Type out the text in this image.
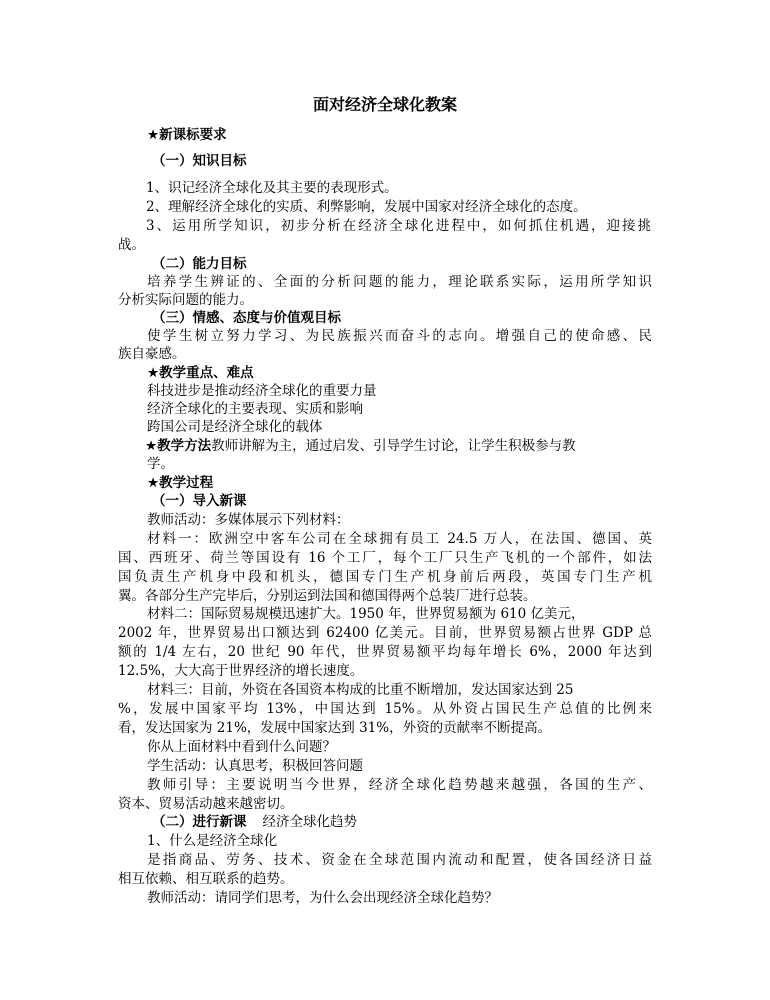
面对经济全球化教案
★新课标要求
（一）知识目标
1、识记经济全球化及其主要的表现形式。
2、理解经济全球化的实质、利弊影响，发展中国家对经济全球化的态度。
3、运用所学知识，初步分析在经济全球化进程中，如何抓住机遇，迎接挑
战。
（二）能力目标
培养学生辨证的、全面的分析问题的能力，理论联系实际，运用所学知识
分析实际问题的能力。
（三）情感、态度与价值观目标
使学生树立努力学习、为民族振兴而奋斗的志向。增强自己的使命感、民
族自豪感。
★教学重点、难点
科技进步是推动经济全球化的重要力量
经济全球化的主要表现、实质和影响
跨国公司是经济全球化的载体
★教学方法教师讲解为主，通过启发、引导学生讨论，让学生积极参与教
学。
★教学过程
（一）导入新课
教师活动：多媒体展示下列材料：
材料一：欧洲空中客车公司在全球拥有员工 24.5 万人，在法国、德国、英
国、西班牙、荷兰等国设有 16 个工厂，每个工厂只生产飞机的一个部件，如法
国负责生产机身中段和机头，德国专门生产机身前后两段，英国专门生产机
翼。各部分生产完毕后，分别运到法国和德国得两个总装厂进行总装。
材料二：国际贸易规模迅速扩大。1950 年，世界贸易额为 610 亿美元，
2002 年，世界贸易出口额达到 62400 亿美元。目前，世界贸易额占世界 GDP 总
额的 1/4 左右，20 世纪 90 年代，世界贸易额平均每年增长 6%，2000 年达到
12.5%，大大高于世界经济的增长速度。
材料三：目前，外资在各国资本构成的比重不断增加，发达国家达到 25
%，发展中国家平均 13%，中国达到 15%。从外资占国民生产总值的比例来
看，发达国家为 21%，发展中国家达到 31%，外资的贡献率不断提高。
你从上面材料中看到什么问题？
学生活动：认真思考，积极回答问题
教师引导：主要说明当今世界，经济全球化趋势越来越强，各国的生产、
资本、贸易活动越来越密切。
（二）进行新课 经济全球化趋势
1、什么是经济全球化
是指商品、劳务、技术、资金在全球范围内流动和配置，使各国经济日益
相互依赖、相互联系的趋势。
教师活动：请同学们思考，为什么会出现经济全球化趋势？
